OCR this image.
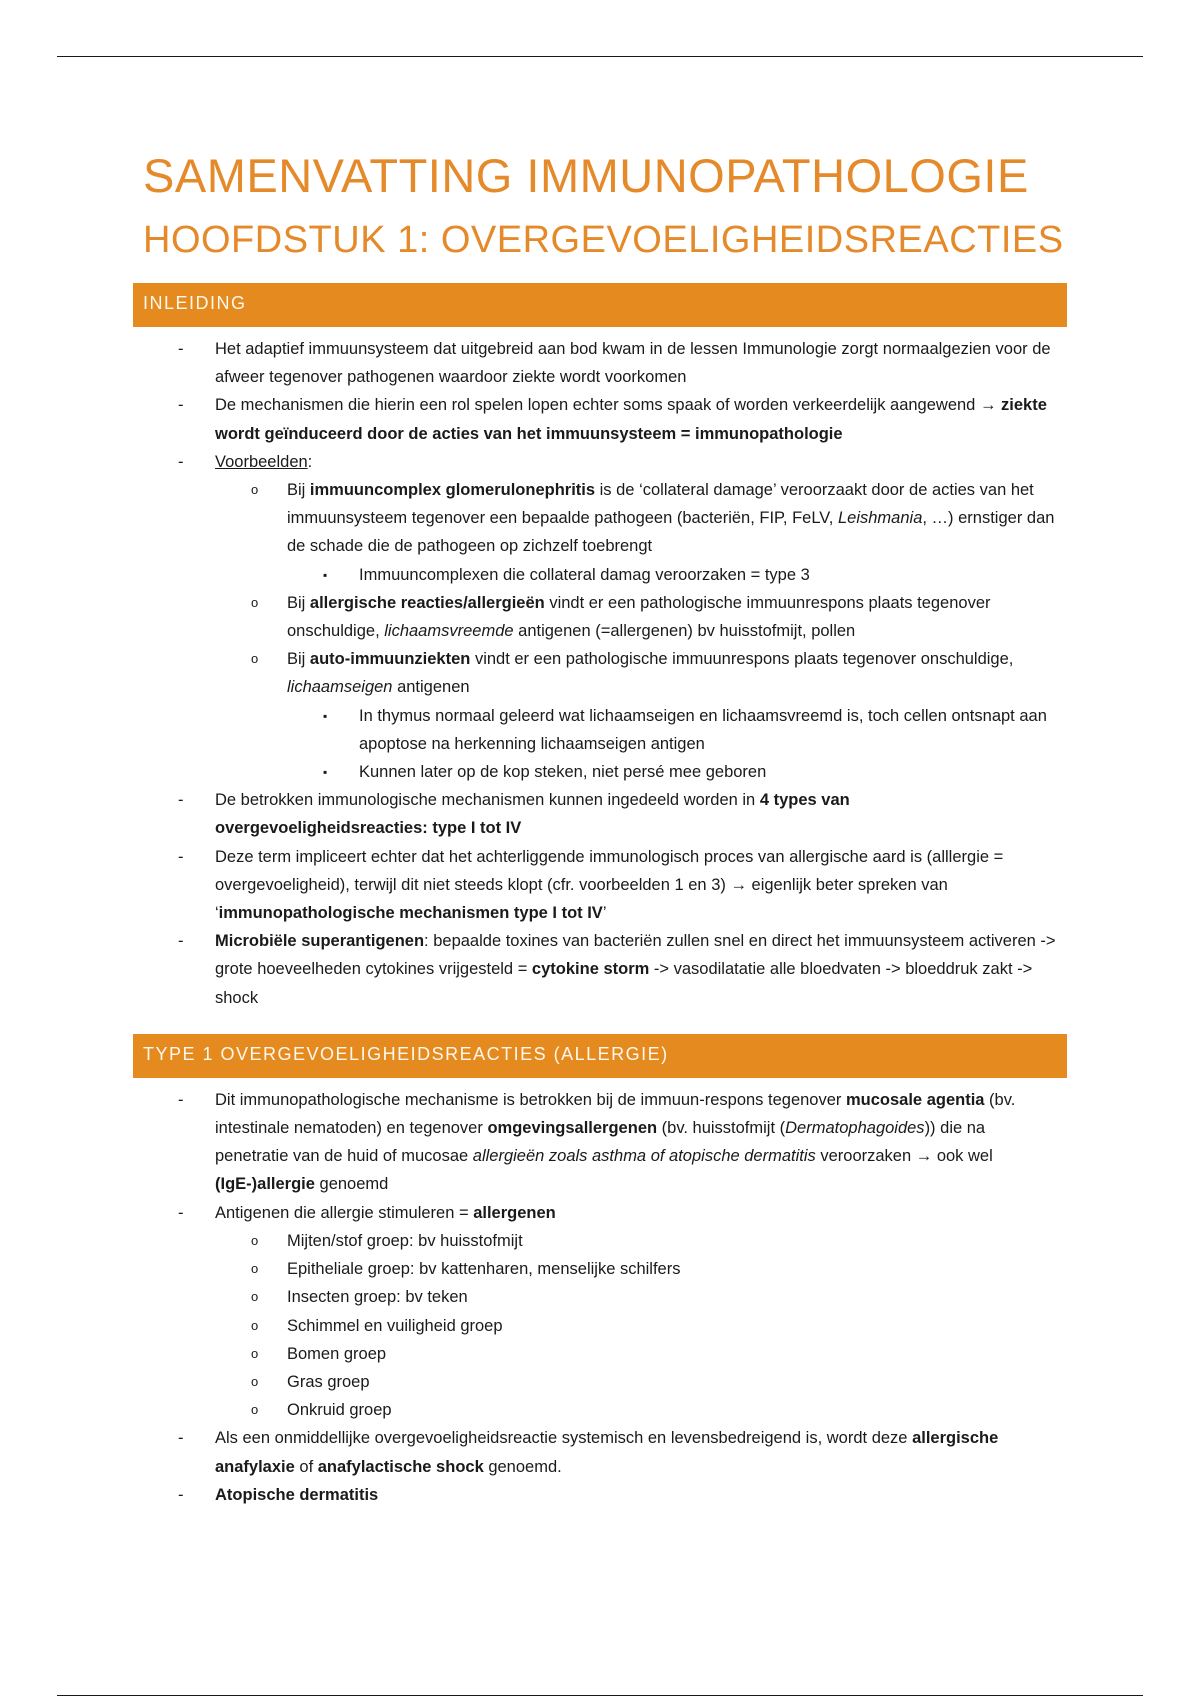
SAMENVATTING IMMUNOPATHOLOGIE
HOOFDSTUK 1: OVERGEVOELIGHEIDSREACTIES
INLEIDING
- Het adaptief immuunsysteem dat uitgebreid aan bod kwam in de lessen Immunologie zorgt normaalgezien voor de afweer tegenover pathogenen waardoor ziekte wordt voorkomen
- De mechanismen die hierin een rol spelen lopen echter soms spaak of worden verkeerdelijk aangewend → ziekte wordt geïnduceerd door de acties van het immuunsysteem = immunopathologie
- Voorbeelden:
o Bij immuuncomplex glomerulonephritis is de ‘collateral damage’ veroorzaakt door de acties van het immuunsysteem tegenover een bepaalde pathogeen (bacteriën, FIP, FeLV, Leishmania, …) ernstiger dan de schade die de pathogeen op zichzelf toebrengt
▪ Immuuncomplexen die collateral damag veroorzaken = type 3
o Bij allergische reacties/allergieën vindt er een pathologische immuunrespons plaats tegenover onschuldige, lichaamsvreemde antigenen (=allergenen) bv huisstofmijt, pollen
o Bij auto-immuunziekten vindt er een pathologische immuunrespons plaats tegenover onschuldige, lichaamseigen antigenen
▪ In thymus normaal geleerd wat lichaamseigen en lichaamsvreemd is, toch cellen ontsnapt aan apoptose na herkenning lichaamseigen antigen
▪ Kunnen later op de kop steken, niet persé mee geboren
- De betrokken immunologische mechanismen kunnen ingedeeld worden in 4 types van overgevoeligheidsreacties: type I tot IV
- Deze term impliceert echter dat het achterliggende immunologisch proces van allergische aard is (alllergie = overgevoeligheid), terwijl dit niet steeds klopt (cfr. voorbeelden 1 en 3) → eigenlijk beter spreken van ‘immunopathologische mechanismen type I tot IV’
- Microbiële superantigenen: bepaalde toxines van bacteriën zullen snel en direct het immuunsysteem activeren -> grote hoeveelheden cytokines vrijgesteld = cytokine storm -> vasodilatatie alle bloedvaten -> bloeddruk zakt -> shock
TYPE 1 OVERGEVOELIGHEIDSREACTIES (ALLERGIE)
- Dit immunopathologische mechanisme is betrokken bij de immuun-respons tegenover mucosale agentia (bv. intestinale nematoden) en tegenover omgevingsallergenen (bv. huisstofmijt (Dermatophagoides)) die na penetratie van de huid of mucosae allergieën zoals asthma of atopische dermatitis veroorzaken → ook wel (IgE-)allergie genoemd
- Antigenen die allergie stimuleren = allergenen
o Mijten/stof groep: bv huisstofmijt
o Epitheliale groep: bv kattenharen, menselijke schilfers
o Insecten groep: bv teken
o Schimmel en vuiligheid groep
o Bomen groep
o Gras groep
o Onkruid groep
- Als een onmiddellijke overgevoeligheidsreactie systemisch en levensbedreigend is, wordt deze allergische anafylaxie of anafylactische shock genoemd.
- Atopische dermatitis
